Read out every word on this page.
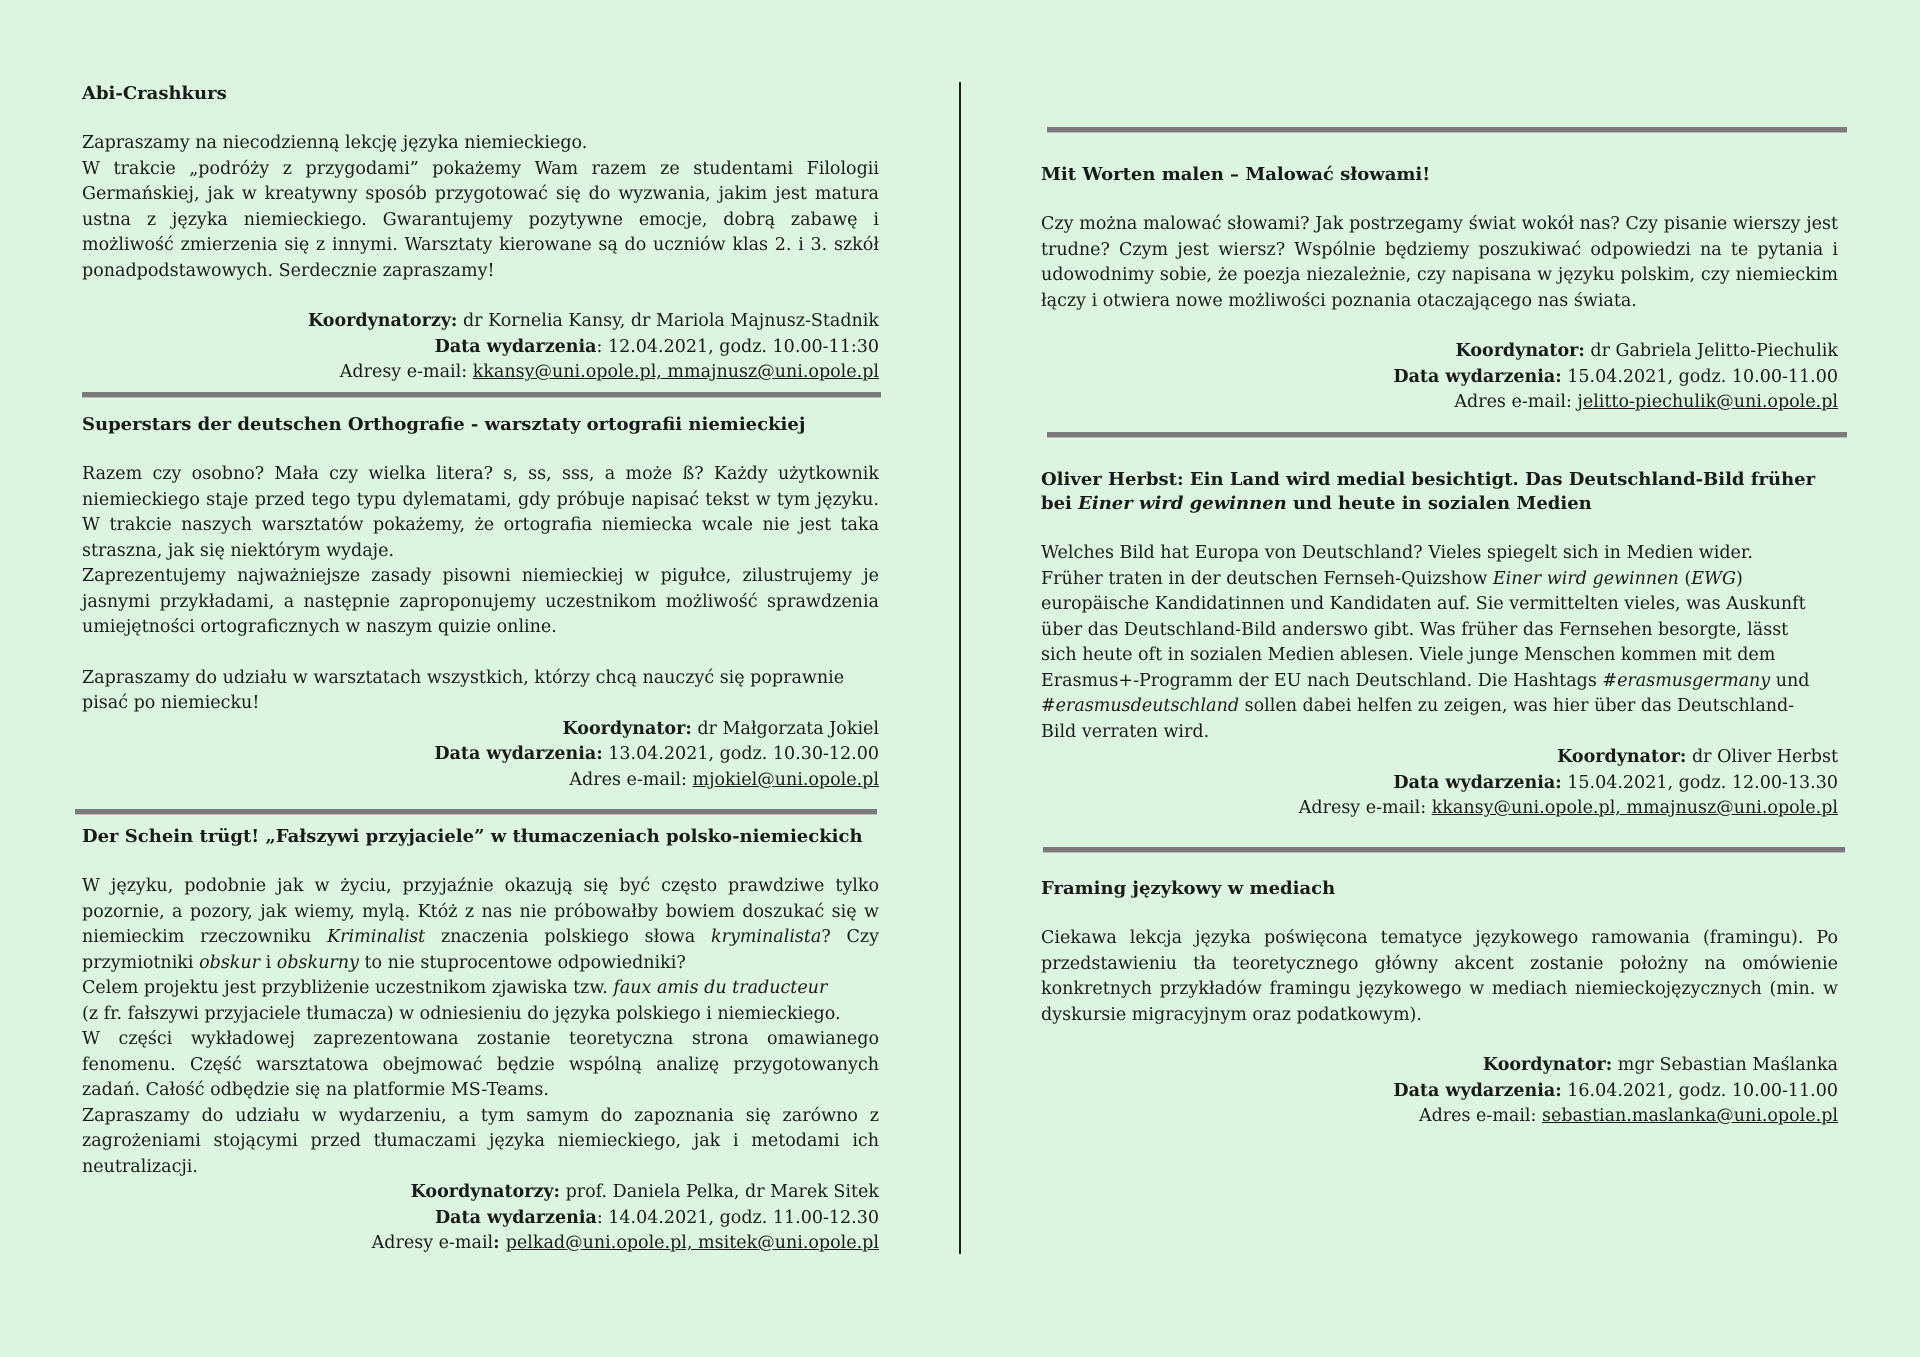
Abi-Crashkurs

Zapraszamy na niecodzienną lekcję języka niemieckiego.

W trakcie „podróży z przygodami” pokażemy Wam razem ze studentami Filologii Germańskiej, jak w kreatywny sposób przygotować się do wyzwania, jakim jest matura ustna z języka niemieckiego. Gwarantujemy pozytywne emocje, dobrą zabawę i możliwość zmierzenia się z innymi. Warsztaty kierowane są do uczniów klas 2. i 3. szkół ponadpodstawowych. Serdecznie zapraszamy!

Koordynatorzy: dr Kornelia Kansy, dr Mariola Majnusz-Stadnik
Data wydarzenia: 12.04.2021, godz. 10.00-11:30
Adresy e-mail: kkansy@uni.opole.pl, mmajnusz@uni.opole.pl
Superstars der deutschen Orthografie - warsztaty ortografii niemieckiej

Razem czy osobno? Mała czy wielka litera? s, ss, sss, a może ß? Każdy użytkownik niemieckiego staje przed tego typu dylematami, gdy próbuje napisać tekst w tym języku. W trakcie naszych warsztatów pokażemy, że ortografia niemiecka wcale nie jest taka straszna, jak się niektórym wydaje.

Zaprezentujemy najważniejsze zasady pisowni niemieckiej w pigułce, zilustrujemy je jasnymi przykładami, a następnie zaproponujemy uczestnikom możliwość sprawdzenia umiejętności ortograficznych w naszym quizie online.

Zapraszamy do udziału w warsztatach wszystkich, którzy chcą nauczyć się poprawnie pisać po niemiecku!

Koordynator: dr Małgorzata Jokiel
Data wydarzenia: 13.04.2021, godz. 10.30-12.00
Adres e-mail: mjokiel@uni.opole.pl
Der Schein trügt! „Fałszywi przyjaciele” w tłumaczeniach polsko-niemieckich

W języku, podobnie jak w życiu, przyjaźnie okazują się być często prawdziwe tylko pozornie, a pozory, jak wiemy, mylą. Któż z nas nie próbowałby bowiem doszukać się w niemieckim rzeczowniku Kriminalist znaczenia polskiego słowa kryminalista? Czy przymiotniki obskur i obskurny to nie stuprocentowe odpowiedniki?

Celem projektu jest przybliżenie uczestnikom zjawiska tzw. faux amis du traducteur

(z fr. fałszywi przyjaciele tłumacza) w odniesieniu do języka polskiego i niemieckiego.

W części wykładowej zaprezentowana zostanie teoretyczna strona omawianego fenomenu. Część warsztatowa obejmować będzie wspólną analizę przygotowanych zadań. Całość odbędzie się na platformie MS-Teams.

Zapraszamy do udziału w wydarzeniu, a tym samym do zapoznania się zarówno z zagrożeniami stojącymi przed tłumaczami języka niemieckiego, jak i metodami ich neutralizacji.

Koordynatorzy: prof. Daniela Pelka, dr Marek Sitek
Data wydarzenia: 14.04.2021, godz. 11.00-12.30
Adresy e-mail: pelkad@uni.opole.pl, msitek@uni.opole.pl
Mit Worten malen – Malować słowami!

Czy można malować słowami? Jak postrzegamy świat wokół nas? Czy pisanie wierszy jest trudne? Czym jest wiersz? Wspólnie będziemy poszukiwać odpowiedzi na te pytania i udowodnimy sobie, że poezja niezależnie, czy napisana w języku polskim, czy niemieckim łączy i otwiera nowe możliwości poznania otaczającego nas świata.

Koordynator: dr Gabriela Jelitto-Piechulik
Data wydarzenia: 15.04.2021, godz. 10.00-11.00
Adres e-mail: jelitto-piechulik@uni.opole.pl
Oliver Herbst: Ein Land wird medial besichtigt. Das Deutschland-Bild früher bei Einer wird gewinnen und heute in sozialen Medien

Welches Bild hat Europa von Deutschland? Vieles spiegelt sich in Medien wider.

Früher traten in der deutschen Fernseh-Quizshow Einer wird gewinnen (EWG)

europäische Kandidatinnen und Kandidaten auf. Sie vermittelten vieles, was Auskunft

über das Deutschland-Bild anderswo gibt. Was früher das Fernsehen besorgte, lässt

sich heute oft in sozialen Medien ablesen. Viele junge Menschen kommen mit dem

Erasmus+-Programm der EU nach Deutschland. Die Hashtags #erasmusgermany und

#erasmusdeutschland sollen dabei helfen zu zeigen, was hier über das Deutschland-

Bild verraten wird.

Koordynator: dr Oliver Herbst
Data wydarzenia: 15.04.2021, godz. 12.00-13.30
Adresy e-mail: kkansy@uni.opole.pl, mmajnusz@uni.opole.pl
Framing językowy w mediach

Ciekawa lekcja języka poświęcona tematyce językowego ramowania (framingu). Po przedstawieniu tła teoretycznego główny akcent zostanie położny na omówienie konkretnych przykładów framingu językowego w mediach niemieckojęzycznych (min. w dyskursie migracyjnym oraz podatkowym).

Koordynator: mgr Sebastian Maślanka
Data wydarzenia: 16.04.2021, godz. 10.00-11.00
Adres e-mail: sebastian.maslanka@uni.opole.pl
